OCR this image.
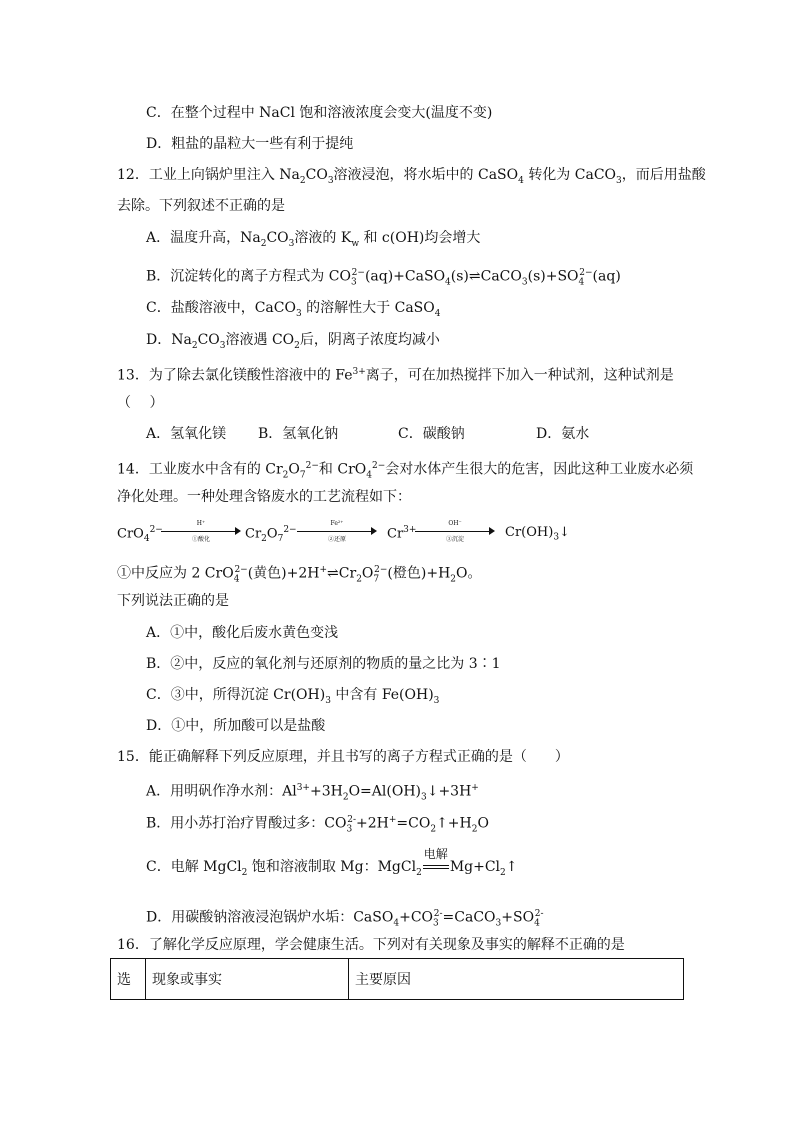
C．在整个过程中 NaCl 饱和溶液浓度会变大(温度不变)
D．粗盐的晶粒大一些有利于提纯
12．工业上向锅炉里注入 $Na_2CO_3$溶液浸泡，将水垢中的 CaSO$_4$ 转化为 CaCO$_3$，而后用盐酸
去除。下列叙述不正确的是
A．温度升高，$Na_2CO_3$溶液的 $K_w$ 和 c(OH)均会增大
B．沉淀转化的离子方程式为 $CO_3^{2-}(aq)+CaSO_4(s)\rightleftharpoons CaCO_3(s)+SO_4^{2-}(aq)$
C．盐酸溶液中，CaCO$_3$ 的溶解性大于 CaSO$_4$
D．$Na_2CO_3$溶液遇 $CO_2$后，阴离子浓度均减小
13．为了除去氯化镁酸性溶液中的 $Fe^{3+}$离子，可在加热搅拌下加入一种试剂，这种试剂是
（　 ）
A．氢氧化镁 B．氢氧化钠	C．碳酸钠	D．氨水
14．工业废水中含有的 $Cr_2O_7^{2-}$和 CrO$_4^{2-}$会对水体产生很大的危害，因此这种工业废水必须
净化处理。一种处理含铬废水的工艺流程如下：
CrO$_4^{2-}$
H⁺
①酸化	$Cr_2O_7^{2-}$
Fe²⁺
②还原	$Cr^{3+}$
OH⁻
③沉淀	$Cr(OH)_3↓$
①中反应为 2 CrO$_4^{2-}$(黄色)$+2H^+\rightleftharpoons Cr_2O_7^{2-}$(橙色)$+H_2O$。
下列说法正确的是
A．①中，酸化后废水黄色变浅
B．②中，反应的氧化剂与还原剂的物质的量之比为 3∶1
C．③中，所得沉淀 $Cr(OH)_3$ 中含有 $Fe(OH)_3$
D．①中，所加酸可以是盐酸
15．能正确解释下列反应原理，并且书写的离子方程式正确的是（　　）
A．用明矾作净水剂：$Al^{3+}+3H_2O=Al(OH)_3↓+3H^+$
B．用小苏打治疗胃酸过多：$CO_3^{2-}+2H^+=CO_2↑+H_2O$
C．电解 MgCl$_2$ 饱和溶液制取 Mg：MgCl$_2$
电解
$Mg+Cl_2↑$
D．用碳酸钠溶液浸泡锅炉水垢：$CaSO_4+CO_3^{2-}=CaCO_3+SO_4^{2-}$
16．了解化学反应原理，学会健康生活。下列对有关现象及事实的解释不正确的是
选	现象或事实	主要原因
